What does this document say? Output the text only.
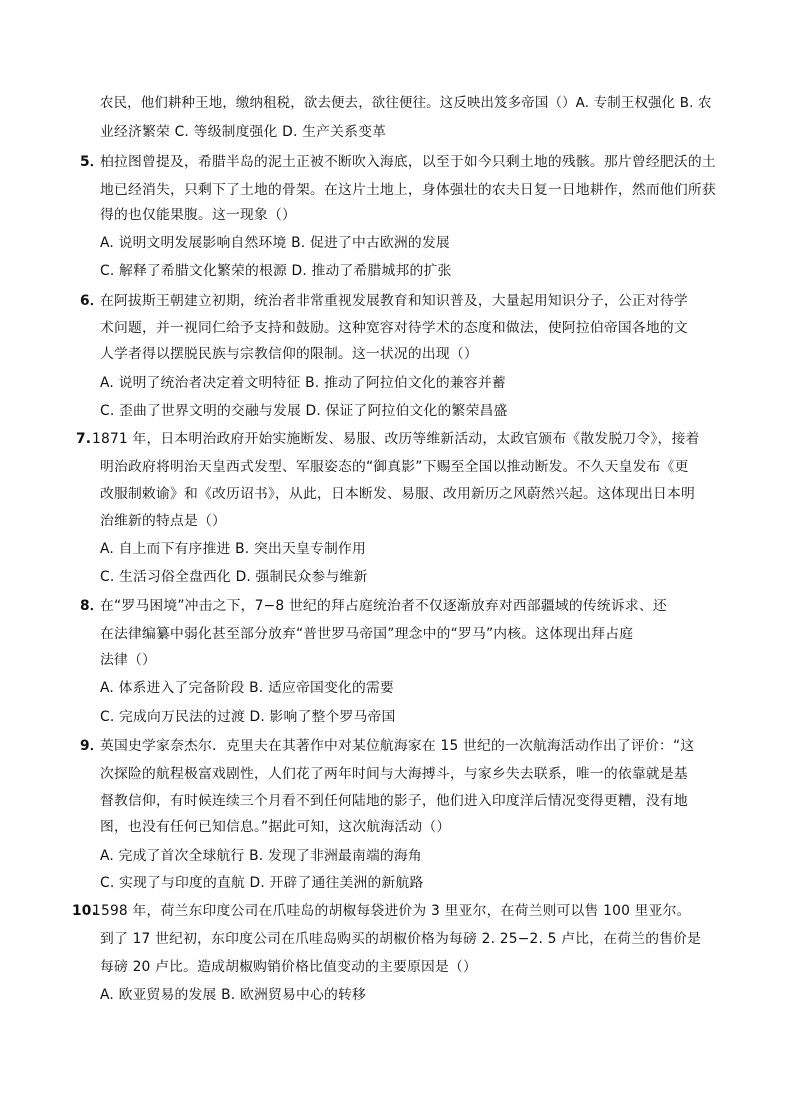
农民，他们耕种王地，缴纳租税，欲去便去，欲往便往。这反映出笈多帝国（）A. 专制王权强化 B. 农
业经济繁荣 C. 等级制度强化 D. 生产关系变革
5．
柏拉图曾提及，希腊半岛的泥土正被不断吹入海底，以至于如今只剩土地的残骸。那片曾经肥沃的土
地已经消失，只剩下了土地的骨架。在这片土地上，身体强壮的农夫日复一日地耕作，然而他们所获
得的也仅能果腹。这一现象（）
A. 说明文明发展影响自然环境 B. 促进了中古欧洲的发展
C. 解释了希腊文化繁荣的根源 D. 推动了希腊城邦的扩张
6．
在阿拔斯王朝建立初期，统治者非常重视发展教育和知识普及，大量起用知识分子，公正对待学
术问题，并一视同仁给予支持和鼓励。这种宽容对待学术的态度和做法，使阿拉伯帝国各地的文
人学者得以摆脱民族与宗教信仰的限制。这一状况的出现（）
A. 说明了统治者决定着文明特征 B. 推动了阿拉伯文化的兼容并蓄
C. 歪曲了世界文明的交融与发展 D. 保证了阿拉伯文化的繁荣昌盛
7. 1871 年，日本明治政府开始实施断发、易服、改历等维新活动，太政官颁布《散发脱刀令》，接着
明治政府将明治天皇西式发型、军服姿态的“御真影”下赐至全国以推动断发。不久天皇发布《更
改服制敕谕》和《改历诏书》，从此，日本断发、易服、改用新历之风蔚然兴起。这体现出日本明
治维新的特点是（）
A. 自上而下有序推进 B. 突出天皇专制作用
C. 生活习俗全盘西化 D. 强制民众参与维新
8．
在“罗马困境”冲击之下，7−8 世纪的拜占庭统治者不仅逐渐放弃对西部疆域的传统诉求、还
在法律编纂中弱化甚至部分放弃“普世罗马帝国”理念中的“罗马”内核。这体现出拜占庭
法律（）
A. 体系进入了完备阶段 B. 适应帝国变化的需要
C. 完成向万民法的过渡 D. 影响了整个罗马帝国
9．
英国史学家奈杰尔．克里夫在其著作中对某位航海家在 15 世纪的一次航海活动作出了评价：“这
次探险的航程极富戏剧性，人们花了两年时间与大海搏斗，与家乡失去联系，唯一的依靠就是基
督教信仰，有时候连续三个月看不到任何陆地的影子，他们进入印度洋后情况变得更糟，没有地
图，也没有任何已知信息。”据此可知，这次航海活动（）
A. 完成了首次全球航行 B. 发现了非洲最南端的海角
C. 实现了与印度的直航 D. 开辟了通往美洲的新航路
10.
1598 年，荷兰东印度公司在爪哇岛的胡椒每袋进价为 3 里亚尔，在荷兰则可以售 100 里亚尔。
到了 17 世纪初，东印度公司在爪哇岛购买的胡椒价格为每磅 2. 25−2. 5 卢比，在荷兰的售价是
每磅 20 卢比。造成胡椒购销价格比值变动的主要原因是（）
A. 欧亚贸易的发展 B. 欧洲贸易中心的转移
